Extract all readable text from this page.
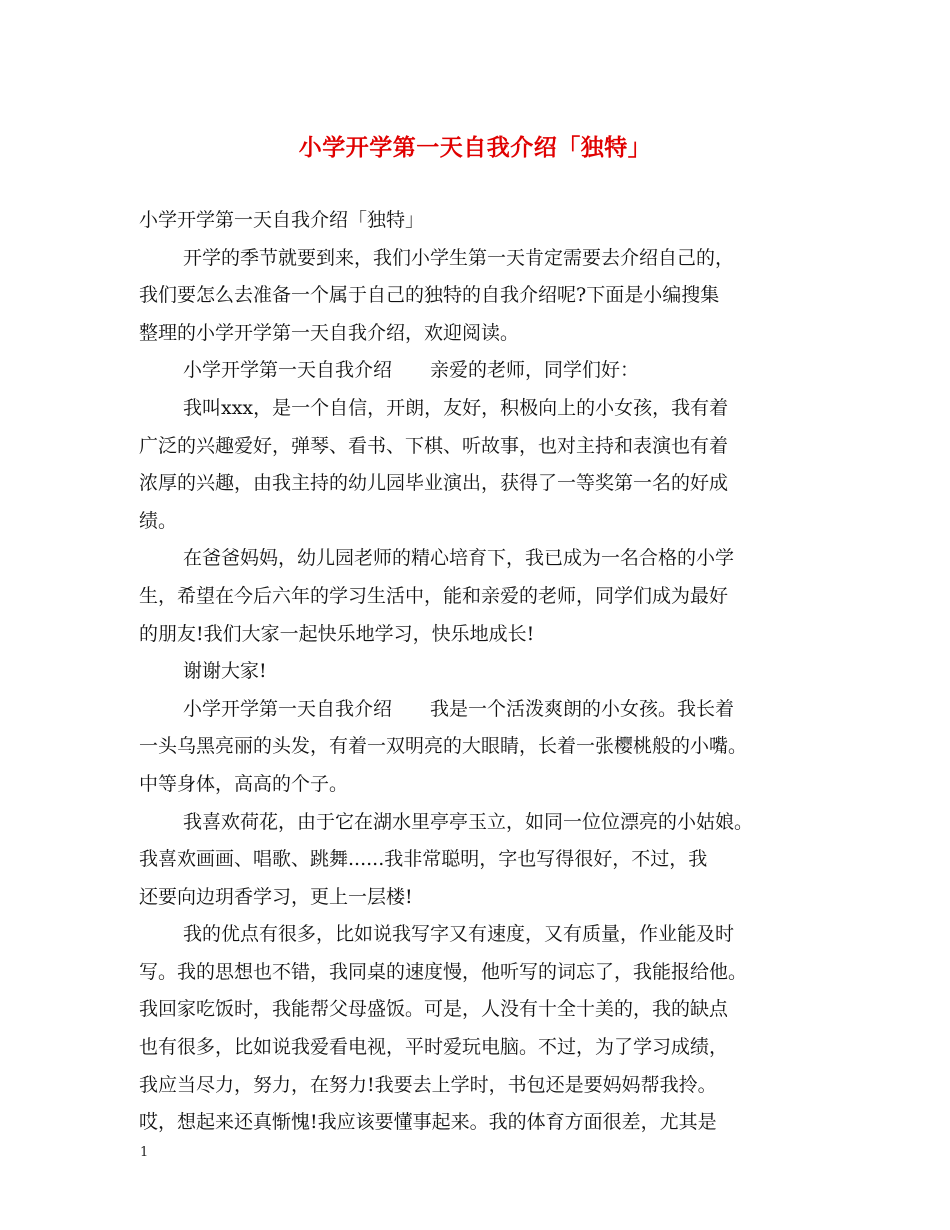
小学开学第一天自我介绍「独特」
小学开学第一天自我介绍「独特」
开学的季节就要到来，我们小学生第一天肯定需要去介绍自己的，
我们要怎么去准备一个属于自己的独特的自我介绍呢?下面是小编搜集
整理的小学开学第一天自我介绍，欢迎阅读。
小学开学第一天自我介绍　　亲爱的老师，同学们好：
我叫xxx，是一个自信，开朗，友好，积极向上的小女孩，我有着
广泛的兴趣爱好，弹琴、看书、下棋、听故事，也对主持和表演也有着
浓厚的兴趣，由我主持的幼儿园毕业演出，获得了一等奖第一名的好成
绩。
在爸爸妈妈，幼儿园老师的精心培育下，我已成为一名合格的小学
生，希望在今后六年的学习生活中，能和亲爱的老师，同学们成为最好
的朋友!我们大家一起快乐地学习，快乐地成长!
谢谢大家!
小学开学第一天自我介绍　　我是一个活泼爽朗的小女孩。我长着
一头乌黑亮丽的头发，有着一双明亮的大眼睛，长着一张樱桃般的小嘴。
中等身体，高高的个子。
我喜欢荷花，由于它在湖水里亭亭玉立，如同一位位漂亮的小姑娘。
我喜欢画画、唱歌、跳舞......我非常聪明，字也写得很好，不过，我
还要向边玥香学习，更上一层楼!
我的优点有很多，比如说我写字又有速度，又有质量，作业能及时
写。我的思想也不错，我同桌的速度慢，他听写的词忘了，我能报给他。
我回家吃饭时，我能帮父母盛饭。可是，人没有十全十美的，我的缺点
也有很多，比如说我爱看电视，平时爱玩电脑。不过，为了学习成绩，
我应当尽力，努力，在努力!我要去上学时，书包还是要妈妈帮我拎。
哎，想起来还真惭愧!我应该要懂事起来。我的体育方面很差，尤其是
1
